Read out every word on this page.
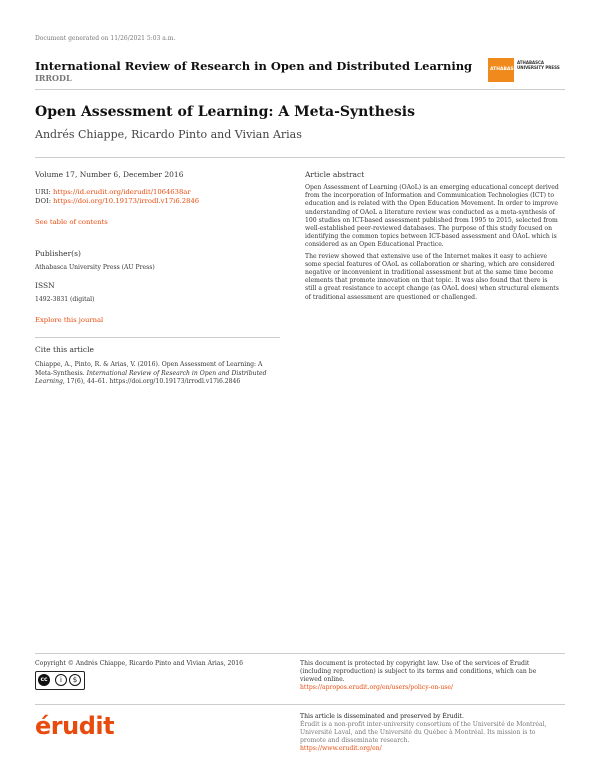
Document generated on 11/26/2021 5:03 a.m.
International Review of Research in Open and Distributed Learning
IRRODL
ATHABASCA
ATHABASCA UNIVERSITY PRESS
Open Assessment of Learning: A Meta-Synthesis
Andrés Chiappe, Ricardo Pinto and Vivian Arias
Volume 17, Number 6, December 2016
URI: https://id.erudit.org/iderudit/1064638ar
DOI: https://doi.org/10.19173/irrodl.v17i6.2846
See table of contents
Publisher(s)
Athabasca University Press (AU Press)
ISSN
1492-3831 (digital)
Explore this journal
Cite this article
Chiappe, A., Pinto, R. & Arias, V. (2016). Open Assessment of Learning: A
Meta-Synthesis. International Review of Research in Open and Distributed
Learning, 17(6), 44–61. https://doi.org/10.19173/irrodl.v17i6.2846
Article abstract

Open Assessment of Learning (OAoL) is an emerging educational concept derived from the incorporation of Information and Communication Technologies (ICT) to education and is related with the Open Education Movement. In order to improve understanding of OAoL a literature review was conducted as a meta-synthesis of 100 studies on ICT-based assessment published from 1995 to 2015, selected from well-established peer-reviewed databases. The purpose of this study focused on identifying the common topics between ICT-based assessment and OAoL which is considered as an Open Educational Practice.

The review showed that extensive use of the Internet makes it easy to achieve some special features of OAoL as collaboration or sharing, which are considered negative or inconvenient in traditional assessment but at the same time become elements that promote innovation on that topic. It was also found that there is still a great resistance to accept change (as OAoL does) when structural elements of traditional assessment are questioned or challenged.

Copyright © Andrés Chiappe, Ricardo Pinto and Vivian Arias, 2016
cc	i	$
This document is protected by copyright law. Use of the services of Érudit
(including reproduction) is subject to its terms and conditions, which can be
viewed online.
https://apropos.erudit.org/en/users/policy-on-use/
érudit	This article is disseminated and preserved by Érudit.
Érudit is a non-profit inter-university consortium of the Université de Montréal,
Université Laval, and the Université du Québec à Montréal. Its mission is to
promote and disseminate research.
https://www.erudit.org/en/
